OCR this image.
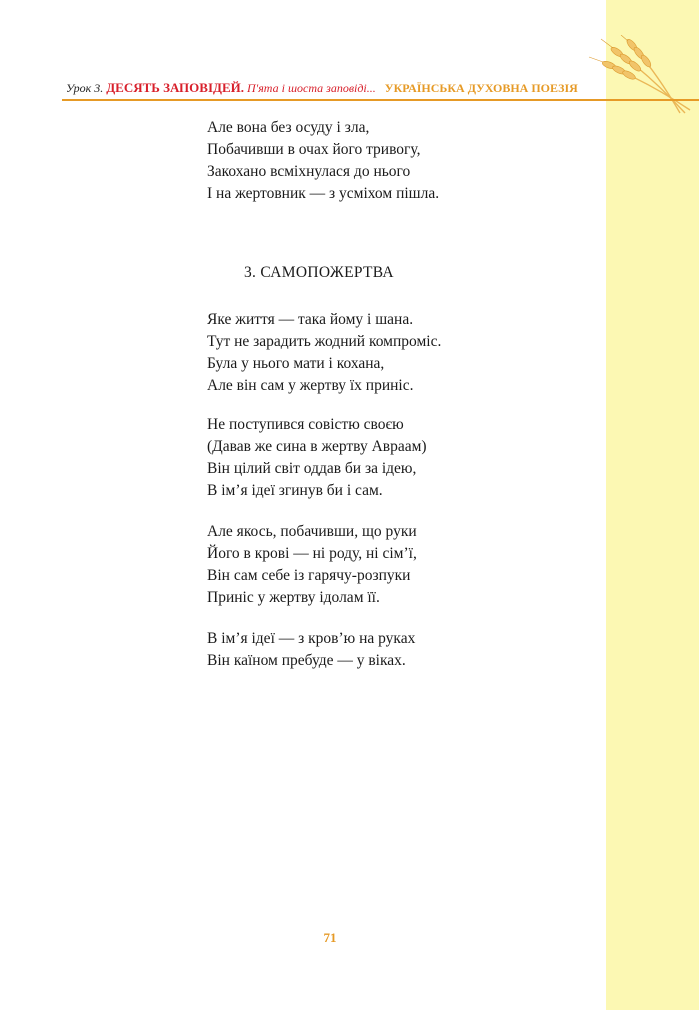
Урок 3. ДЕСЯТЬ ЗАПОВІДЕЙ. П'ята і шоста заповіді... УКРАЇНСЬКА ДУХОВНА ПОЕЗІЯ
Але вона без осуду і зла,
Побачивши в очах його тривогу,
Закохано всміхнулася до нього
І на жертовник — з усміхом пішла.
3. САМОПОЖЕРТВА
Яке життя — така йому і шана.
Тут не зарадить жодний компроміс.
Була у нього мати і кохана,
Але він сам у жертву їх приніс.
Не поступився совістю своєю
(Давав же сина в жертву Авраам)
Він цілий світ оддав би за ідею,
В ім’я ідеї згинув би і сам.
Але якось, побачивши, що руки
Його в крові — ні роду, ні сім’ї,
Він сам себе із гарячу-розпуки
Приніс у жертву ідолам її.
В ім’я ідеї — з кров’ю на руках
Він каїном пребуде — у віках.
71
